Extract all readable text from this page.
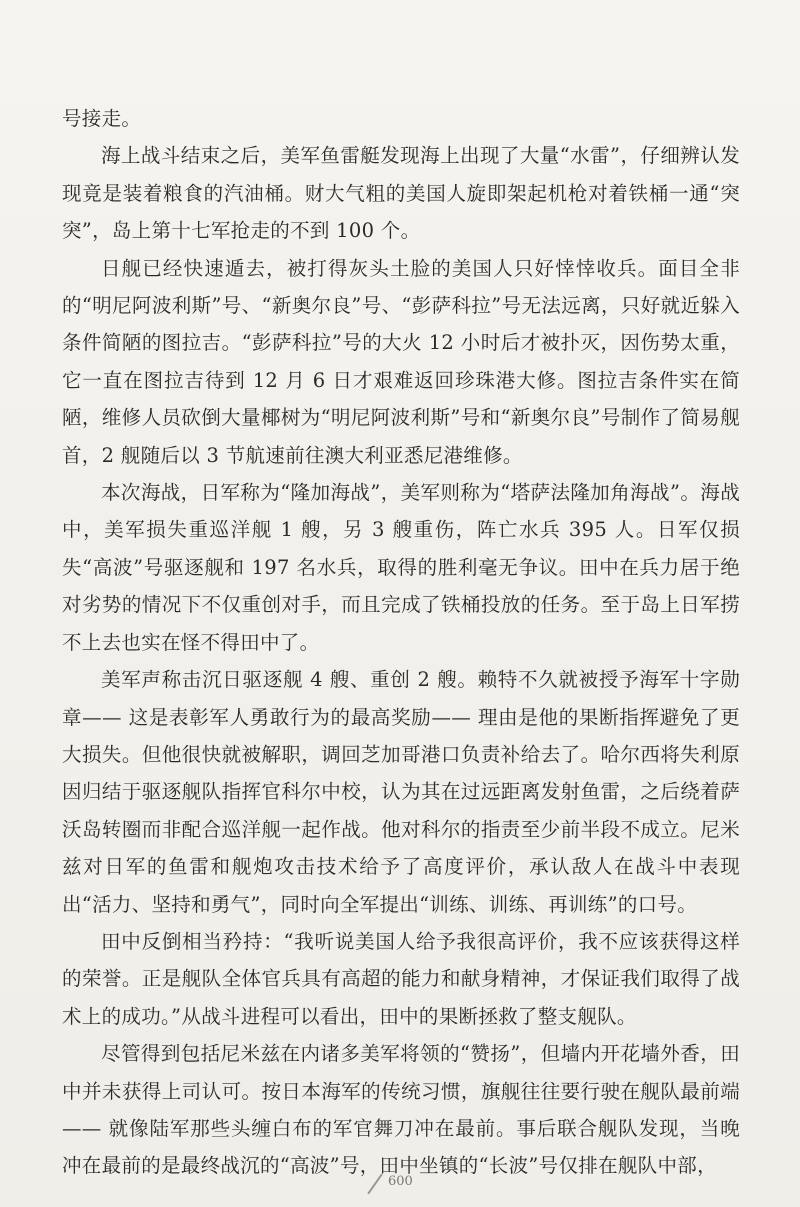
号接走。

海上战斗结束之后，美军鱼雷艇发现海上出现了大量“水雷”，仔细辨认发现竟是装着粮食的汽油桶。财大气粗的美国人旋即架起机枪对着铁桶一通“突突”，岛上第十七军抢走的不到 100 个。

日舰已经快速遁去，被打得灰头土脸的美国人只好悻悻收兵。面目全非的“明尼阿波利斯”号、“新奥尔良”号、“彭萨科拉”号无法远离，只好就近躲入条件简陋的图拉吉。“彭萨科拉”号的大火 12 小时后才被扑灭，因伤势太重，它一直在图拉吉待到 12 月 6 日才艰难返回珍珠港大修。图拉吉条件实在简陋，维修人员砍倒大量椰树为“明尼阿波利斯”号和“新奥尔良”号制作了简易舰首，2 舰随后以 3 节航速前往澳大利亚悉尼港维修。

本次海战，日军称为“隆加海战”，美军则称为“塔萨法隆加角海战”。海战中，美军损失重巡洋舰 1 艘，另 3 艘重伤，阵亡水兵 395 人。日军仅损失“高波”号驱逐舰和 197 名水兵，取得的胜利毫无争议。田中在兵力居于绝对劣势的情况下不仅重创对手，而且完成了铁桶投放的任务。至于岛上日军捞不上去也实在怪不得田中了。

美军声称击沉日驱逐舰 4 艘、重创 2 艘。赖特不久就被授予海军十字勋章—— 这是表彰军人勇敢行为的最高奖励—— 理由是他的果断指挥避免了更大损失。但他很快就被解职，调回芝加哥港口负责补给去了。哈尔西将失利原因归结于驱逐舰队指挥官科尔中校，认为其在过远距离发射鱼雷，之后绕着萨沃岛转圈而非配合巡洋舰一起作战。他对科尔的指责至少前半段不成立。尼米兹对日军的鱼雷和舰炮攻击技术给予了高度评价，承认敌人在战斗中表现出“活力、坚持和勇气”，同时向全军提出“训练、训练、再训练”的口号。

田中反倒相当矜持：“我听说美国人给予我很高评价，我不应该获得这样的荣誉。正是舰队全体官兵具有高超的能力和献身精神，才保证我们取得了战术上的成功。”从战斗进程可以看出，田中的果断拯救了整支舰队。

尽管得到包括尼米兹在内诸多美军将领的“赞扬”，但墙内开花墙外香，田中并未获得上司认可。按日本海军的传统习惯，旗舰往往要行驶在舰队最前端—— 就像陆军那些头缠白布的军官舞刀冲在最前。事后联合舰队发现，当晚冲在最前的是最终战沉的“高波”号，田中坐镇的“长波”号仅排在舰队中部，

600
